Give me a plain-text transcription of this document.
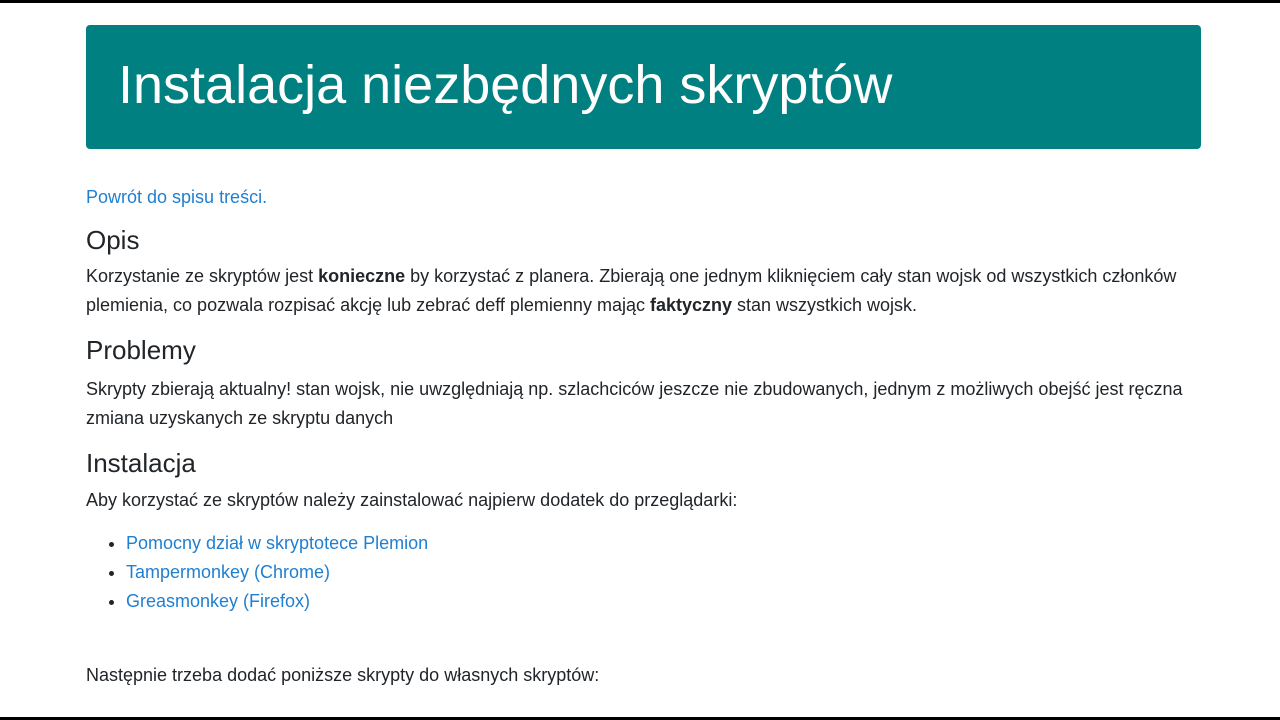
Instalacja niezbędnych skryptów
Powrót do spisu treści.
Opis

Korzystanie ze skryptów jest konieczne by korzystać z planera. Zbierają one jednym kliknięciem cały stan wojsk od wszystkich członków plemienia, co pozwala rozpisać akcję lub zebrać deff plemienny mając faktyczny stan wszystkich wojsk.

Problemy

Skrypty zbierają aktualny! stan wojsk, nie uwzględniają np. szlachciców jeszcze nie zbudowanych, jednym z możliwych obejść jest ręczna zmiana uzyskanych ze skryptu danych

Instalacja

Aby korzystać ze skryptów należy zainstalować najpierw dodatek do przeglądarki:

• Pomocny dział w skryptotece Plemion
• Tampermonkey (Chrome)
• Greasmonkey (Firefox)

Następnie trzeba dodać poniższe skrypty do własnych skryptów:
